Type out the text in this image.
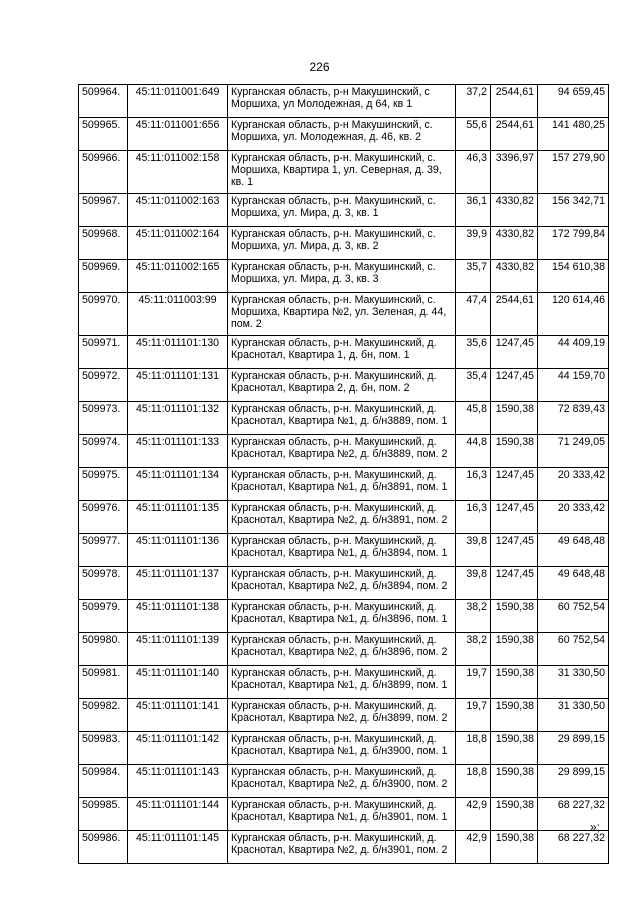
226
509964.	45:11:011001:649	Курганская область, р-н Макушинский, с Моршиха, ул Молодежная, д 64, кв 1	37,2	2544,61	94 659,45
509965.	45:11:011001:656	Курганская область, р-н Макушинский, с. Моршиха, ул. Молодежная, д. 46, кв. 2	55,6	2544,61	141 480,25
509966.	45:11:011002:158	Курганская область, р-н. Макушинский, с. Моршиха, Квартира 1, ул. Северная, д. 39, кв. 1	46,3	3396,97	157 279,90
509967.	45:11:011002:163	Курганская область, р-н. Макушинский, с. Моршиха, ул. Мира, д. 3, кв. 1	36,1	4330,82	156 342,71
509968.	45:11:011002:164	Курганская область, р-н. Макушинский, с. Моршиха, ул. Мира, д. 3, кв. 2	39,9	4330,82	172 799,84
509969.	45:11:011002:165	Курганская область, р-н. Макушинский, с. Моршиха, ул. Мира, д. 3, кв. 3	35,7	4330,82	154 610,38
509970.	45:11:011003:99	Курганская область, р-н. Макушинский, с. Моршиха, Квартира №2, ул. Зеленая, д. 44, пом. 2	47,4	2544,61	120 614,46
509971.	45:11:011101:130	Курганская область, р-н. Макушинский, д. Краснотал, Квартира 1, д. бн, пом. 1	35,6	1247,45	44 409,19
509972.	45:11:011101:131	Курганская область, р-н. Макушинский, д. Краснотал, Квартира 2, д. бн, пом. 2	35,4	1247,45	44 159,70
509973.	45:11:011101:132	Курганская область, р-н. Макушинский, д. Краснотал, Квартира №1, д. б/н3889, пом. 1	45,8	1590,38	72 839,43
509974.	45:11:011101:133	Курганская область, р-н. Макушинский, д. Краснотал, Квартира №2, д. б/н3889, пом. 2	44,8	1590,38	71 249,05
509975.	45:11:011101:134	Курганская область, р-н. Макушинский, д. Краснотал, Квартира №1, д. б/н3891, пом. 1	16,3	1247,45	20 333,42
509976.	45:11:011101:135	Курганская область, р-н. Макушинский, д. Краснотал, Квартира №2, д. б/н3891, пом. 2	16,3	1247,45	20 333,42
509977.	45:11:011101:136	Курганская область, р-н. Макушинский, д. Краснотал, Квартира №1, д. б/н3894, пом. 1	39,8	1247,45	49 648,48
509978.	45:11:011101:137	Курганская область, р-н. Макушинский, д. Краснотал, Квартира №2, д. б/н3894, пом. 2	39,8	1247,45	49 648,48
509979.	45:11:011101:138	Курганская область, р-н. Макушинский, д. Краснотал, Квартира №1, д. б/н3896, пом. 1	38,2	1590,38	60 752,54
509980.	45:11:011101:139	Курганская область, р-н. Макушинский, д. Краснотал, Квартира №2, д. б/н3896, пом. 2	38,2	1590,38	60 752,54
509981.	45:11:011101:140	Курганская область, р-н. Макушинский, д. Краснотал, Квартира №1, д. б/н3899, пом. 1	19,7	1590,38	31 330,50
509982.	45:11:011101:141	Курганская область, р-н. Макушинский, д. Краснотал, Квартира №2, д. б/н3899, пом. 2	19,7	1590,38	31 330,50
509983.	45:11:011101:142	Курганская область, р-н. Макушинский, д. Краснотал, Квартира №1, д. б/н3900, пом. 1	18,8	1590,38	29 899,15
509984.	45:11:011101:143	Курганская область, р-н. Макушинский, д. Краснотал, Квартира №2, д. б/н3900, пом. 2	18,8	1590,38	29 899,15
509985.	45:11:011101:144	Курганская область, р-н. Макушинский, д. Краснотал, Квартира №1, д. б/н3901, пом. 1	42,9	1590,38	68 227,32
509986.	45:11:011101:145	Курганская область, р-н. Макушинский, д. Краснотал, Квартира №2, д. б/н3901, пом. 2	42,9	1590,38	68 227,32
»;
